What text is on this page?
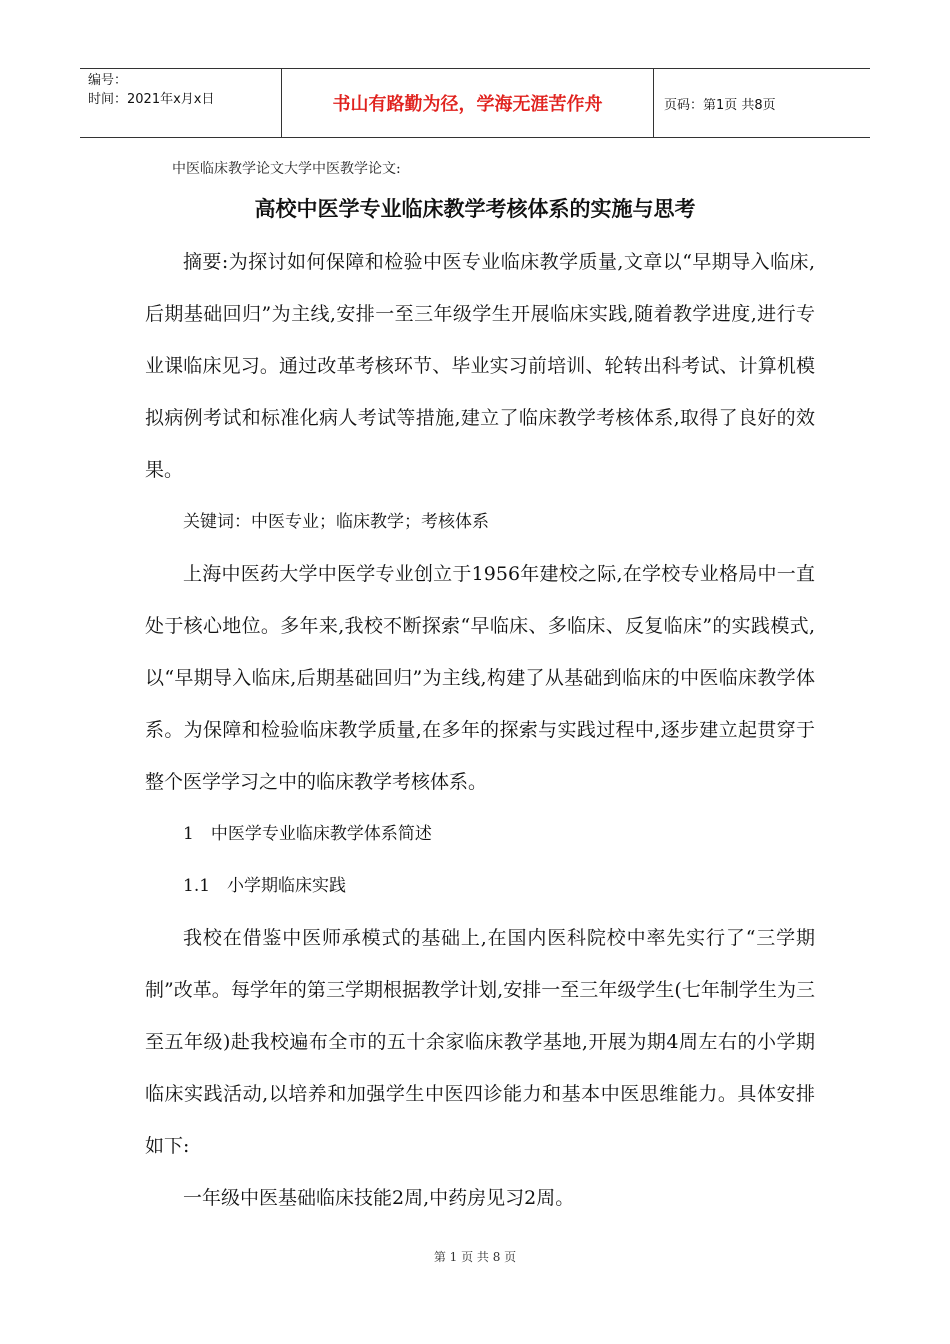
编号：
时间：2021年x月x日	书山有路勤为径，学海无涯苦作舟	页码：第1页 共8页
中医临床教学论文大学中医教学论文:
高校中医学专业临床教学考核体系的实施与思考

摘要:为探讨如何保障和检验中医专业临床教学质量,文章以“早期导入临床,后期基础回归”为主线,安排一至三年级学生开展临床实践,随着教学进度,进行专业课临床见习。通过改革考核环节、毕业实习前培训、轮转出科考试、计算机模拟病例考试和标准化病人考试等措施,建立了临床教学考核体系,取得了良好的效果。

关键词：中医专业；临床教学；考核体系

上海中医药大学中医学专业创立于1956年建校之际,在学校专业格局中一直处于核心地位。多年来,我校不断探索“早临床、多临床、反复临床”的实践模式,以“早期导入临床,后期基础回归”为主线,构建了从基础到临床的中医临床教学体系。为保障和检验临床教学质量,在多年的探索与实践过程中,逐步建立起贯穿于整个医学学习之中的临床教学考核体系。

1　中医学专业临床教学体系简述

1.1　小学期临床实践

我校在借鉴中医师承模式的基础上,在国内医科院校中率先实行了“三学期制”改革。每学年的第三学期根据教学计划,安排一至三年级学生(七年制学生为三至五年级)赴我校遍布全市的五十余家临床教学基地,开展为期4周左右的小学期临床实践活动,以培养和加强学生中医四诊能力和基本中医思维能力。具体安排如下:

一年级中医基础临床技能2周,中药房见习2周。

第 1 页 共 8 页
